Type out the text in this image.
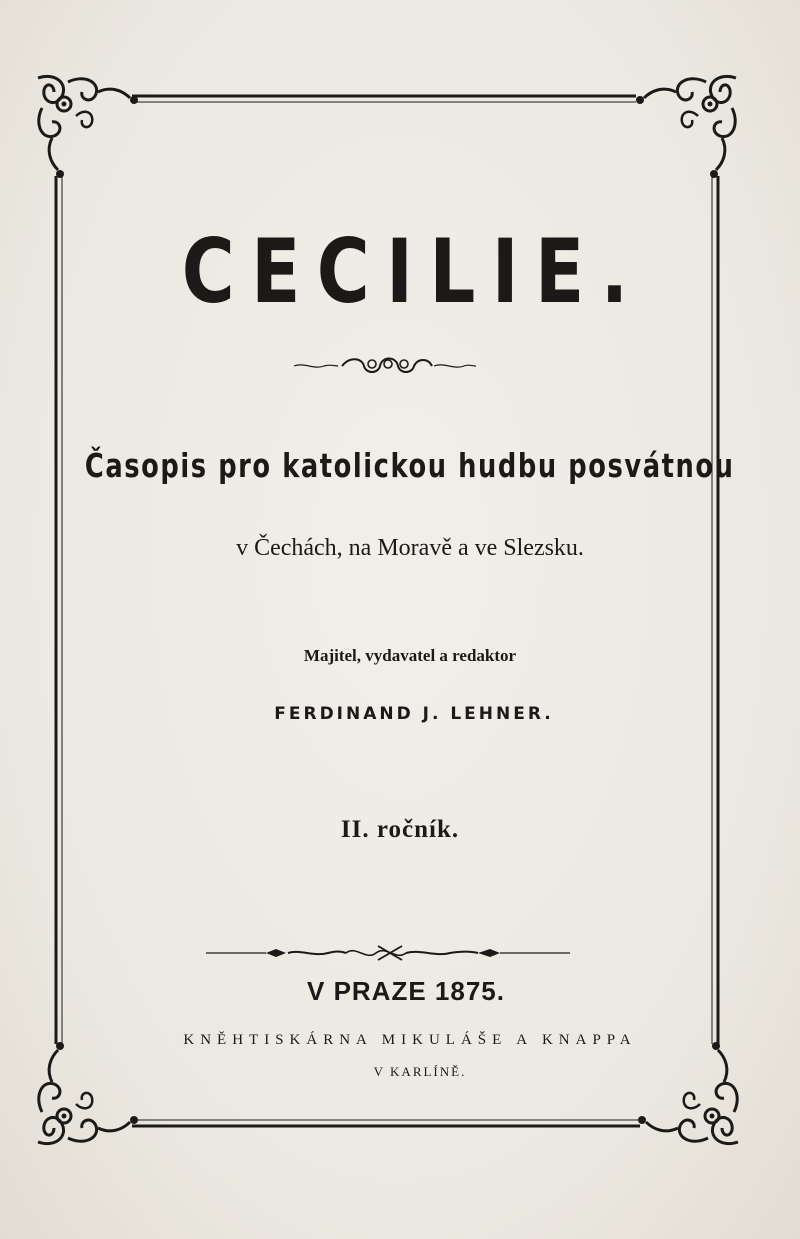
CECILIE.
Časopis pro katolickou hudbu posvátnou
v Čechách, na Moravě a ve Slezsku.
Majitel, vydavatel a redaktor
FERDINAND J. LEHNER.
II. ročník.
V PRAZE 1875.
KNĚHTISKÁRNA MIKULÁŠE A KNAPPA
V KARLÍNĚ.
